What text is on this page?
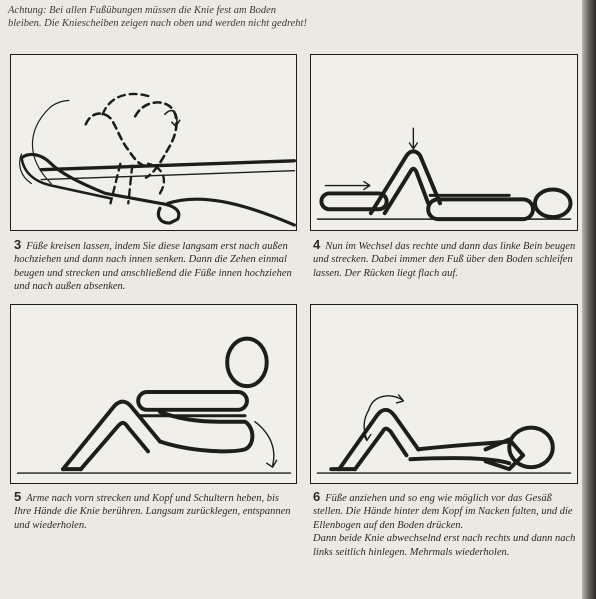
Achtung: Bei allen Fußübungen müssen die Knie fest am Boden bleiben. Die Kniescheiben zeigen nach oben und werden nicht gedreht!
3 Füße kreisen lassen, indem Sie diese langsam erst nach außen hochziehen und dann nach innen senken. Dann die Zehen einmal beugen und strecken und anschließend die Füße innen hochziehen und nach außen absenken.
4 Nun im Wechsel das rechte und dann das linke Bein beugen und strecken. Dabei immer den Fuß über den Boden schleifen lassen. Der Rücken liegt flach auf.
5 Arme nach vorn strecken und Kopf und Schultern heben, bis Ihre Hände die Knie berühren. Langsam zurücklegen, entspannen und wiederholen.
6 Füße anziehen und so eng wie möglich vor das Gesäß stellen. Die Hände hinter dem Kopf im Nacken falten, und die Ellenbogen auf den Boden drücken.
Dann beide Knie abwechselnd erst nach rechts und dann nach links seitlich hinlegen. Mehrmals wiederholen.
